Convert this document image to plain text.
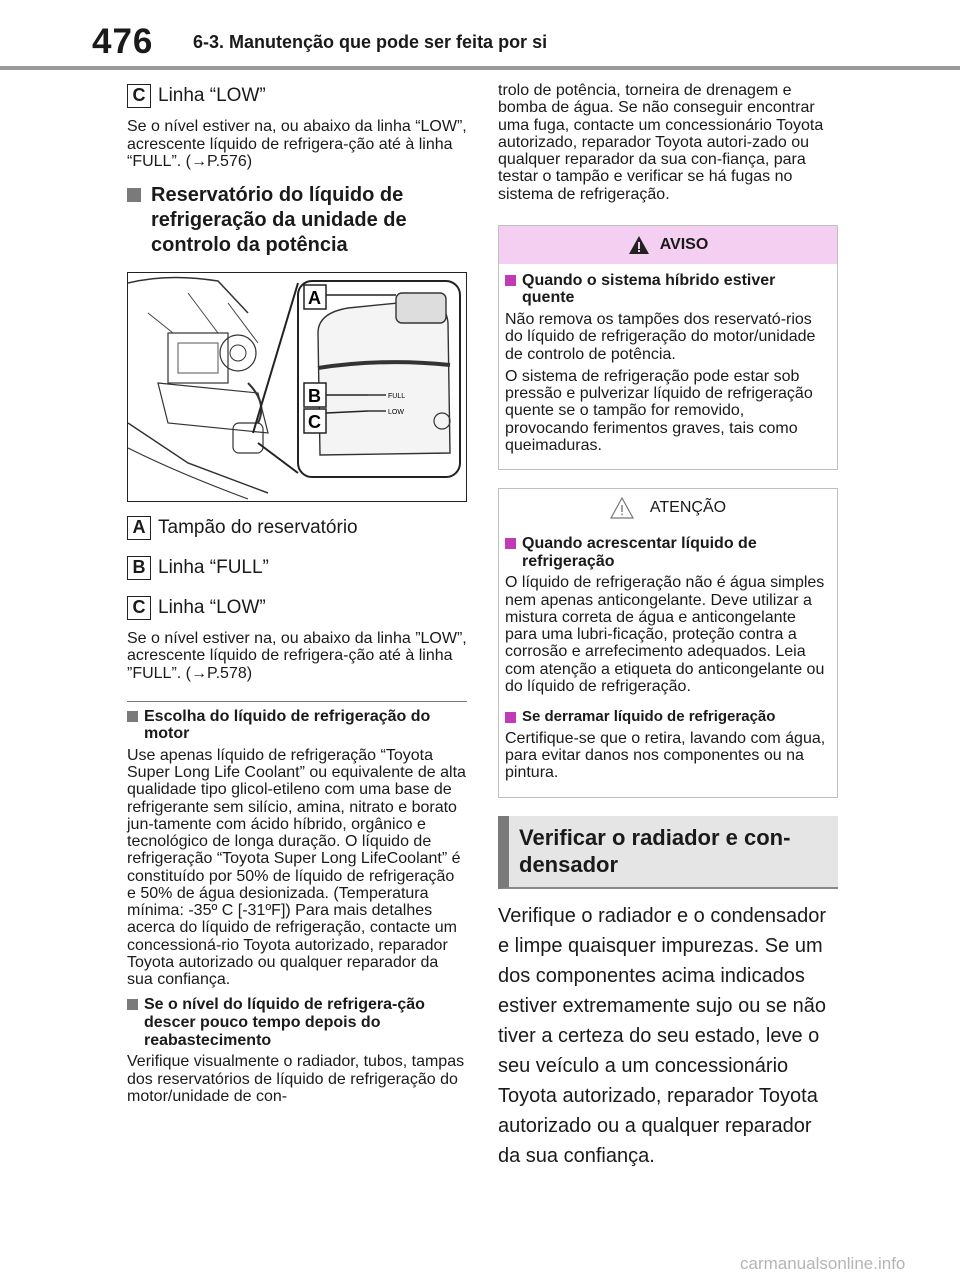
476 6-3. Manutenção que pode ser feita por si
C Linha “LOW”

Se o nível estiver na, ou abaixo da linha “LOW”, acrescente líquido de refrigera-ção até à linha “FULL”. (→P.576)

Reservatório do líquido de refrigeração da unidade de controlo da potência
FULL
LOW
A
B
C
A Tampão do reservatório
B Linha “FULL”
C Linha “LOW”

Se o nível estiver na, ou abaixo da linha ”LOW”, acrescente líquido de refrigera-ção até à linha ”FULL”. (→P.578)

Escolha do líquido de refrigeração do motor

Use apenas líquido de refrigeração “Toyota Super Long Life Coolant” ou equivalente de alta qualidade tipo glicol-etileno com uma base de refrigerante sem silício, amina, nitrato e borato jun-tamente com ácido híbrido, orgânico e tecnológico de longa duração. O líquido de refrigeração “Toyota Super Long LifeCoolant” é constituído por 50% de líquido de refrigeração e 50% de água desionizada. (Temperatura mínima: -35º C [-31ºF]) Para mais detalhes acerca do líquido de refrigeração, contacte um concessioná-rio Toyota autorizado, reparador Toyota autorizado ou qualquer reparador da sua confiança.

Se o nível do líquido de refrigera-ção descer pouco tempo depois do reabastecimento

Verifique visualmente o radiador, tubos, tampas dos reservatórios de líquido de refrigeração do motor/unidade de con-

trolo de potência, torneira de drenagem e bomba de água. Se não conseguir encontrar uma fuga, contacte um concessionário Toyota autorizado, reparador Toyota autori-zado ou qualquer reparador da sua con-fiança, para testar o tampão e verificar se há fugas no sistema de refrigeração.

AVISO
Quando o sistema híbrido estiver quente

Não remova os tampões dos reservató-rios do líquido de refrigeração do motor/unidade de controlo de potência.

O sistema de refrigeração pode estar sob pressão e pulverizar líquido de refrigeração quente se o tampão for removido, provocando ferimentos graves, tais como queimaduras.

ATENÇÃO
Quando acrescentar líquido de refrigeração

O líquido de refrigeração não é água simples nem apenas anticongelante. Deve utilizar a mistura correta de água e anticongelante para uma lubri-ficação, proteção contra a corrosão e arrefecimento adequados. Leia com atenção a etiqueta do anticongelante ou do líquido de refrigeração.

Se derramar líquido de refrigeração

Certifique-se que o retira, lavando com água, para evitar danos nos componentes ou na pintura.

Verificar o radiador e con-densador

Verifique o radiador e o condensador e limpe quaisquer impurezas. Se um dos componentes acima indicados estiver extremamente sujo ou se não tiver a certeza do seu estado, leve o seu veículo a um concessionário Toyota autorizado, reparador Toyota autorizado ou a qualquer reparador da sua confiança.

carmanualsonline.info
